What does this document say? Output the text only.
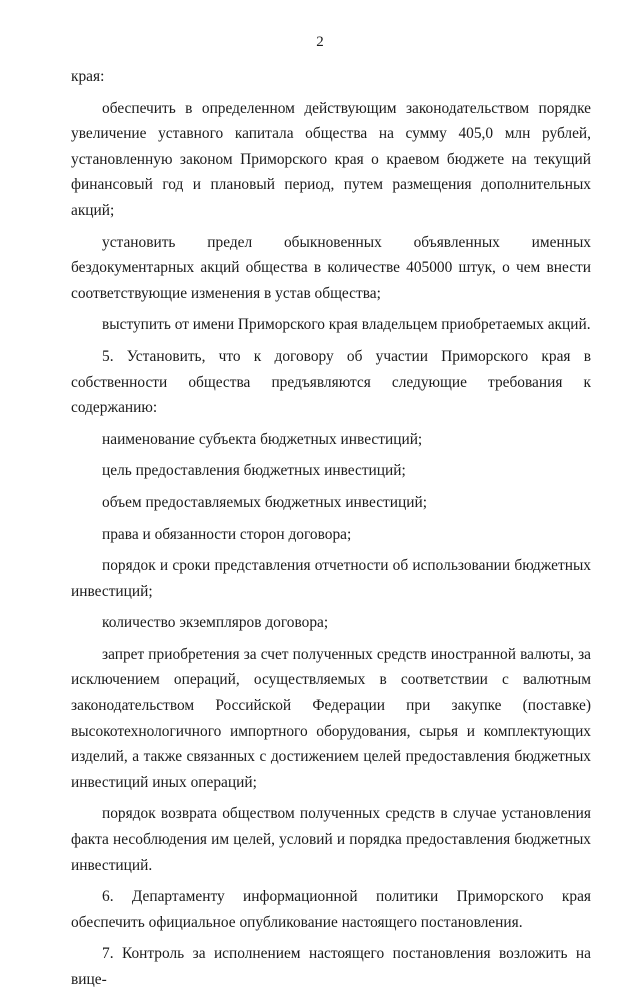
2

края:

обеспечить в определенном действующим законодательством порядке увеличение уставного капитала общества на сумму 405,0 млн рублей, установленную законом Приморского края о краевом бюджете на текущий финансовый год и плановый период, путем размещения дополнительных акций;

установить предел обыкновенных объявленных именных бездокументарных акций общества в количестве 405000 штук, о чем внести соответствующие изменения в устав общества;

выступить от имени Приморского края владельцем приобретаемых акций.

5. Установить, что к договору об участии Приморского края в собственности общества предъявляются следующие требования к содержанию:

наименование субъекта бюджетных инвестиций;

цель предоставления бюджетных инвестиций;

объем предоставляемых бюджетных инвестиций;

права и обязанности сторон договора;

порядок и сроки представления отчетности об использовании бюджетных инвестиций;

количество экземпляров договора;

запрет приобретения за счет полученных средств иностранной валюты, за исключением операций, осуществляемых в соответствии с валютным законодательством Российской Федерации при закупке (поставке) высокотехнологичного импортного оборудования, сырья и комплектующих изделий, а также связанных с достижением целей предоставления бюджетных инвестиций иных операций;

порядок возврата обществом полученных средств в случае установления факта несоблюдения им целей, условий и порядка предоставления бюджетных инвестиций.

6. Департаменту информационной политики Приморского края обеспечить официальное опубликование настоящего постановления.

7. Контроль за исполнением настоящего постановления возложить на вице-
